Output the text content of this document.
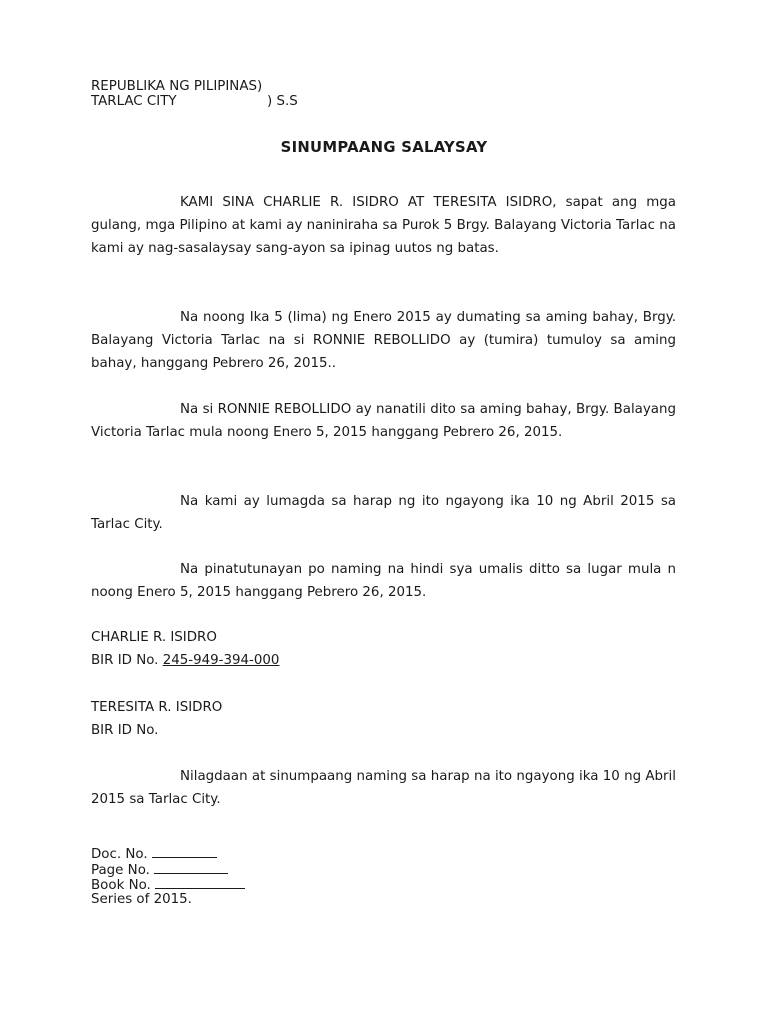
REPUBLIKA NG PILIPINAS)
TARLAC CITY	) S.S
SINUMPAANG SALAYSAY
KAMI SINA CHARLIE R. ISIDRO AT TERESITA ISIDRO, sapat ang mga gulang, mga Pilipino at kami ay naniniraha sa Purok 5 Brgy. Balayang Victoria Tarlac na kami ay nag-sasalaysay sang-ayon sa ipinag uutos ng batas.
Na noong Ika 5 (lima) ng Enero 2015 ay dumating sa aming bahay, Brgy. Balayang Victoria Tarlac na si RONNIE REBOLLIDO ay (tumira) tumuloy sa aming bahay, hanggang Pebrero 26, 2015..
Na si RONNIE REBOLLIDO ay nanatili dito sa aming bahay, Brgy. Balayang Victoria Tarlac mula noong Enero 5, 2015 hanggang Pebrero 26, 2015.
Na kami ay lumagda sa harap ng ito ngayong ika 10 ng Abril 2015 sa Tarlac City.
Na pinatutunayan po naming na hindi sya umalis ditto sa lugar mula n noong Enero 5, 2015 hanggang Pebrero 26, 2015.
CHARLIE R. ISIDRO
BIR ID No. 245-949-394-000
TERESITA R. ISIDRO
BIR ID No.
Nilagdaan at sinumpaang naming sa harap na ito ngayong ika 10 ng Abril 2015 sa Tarlac City.
Doc. No.
Page No.
Book No.
Series of 2015.
